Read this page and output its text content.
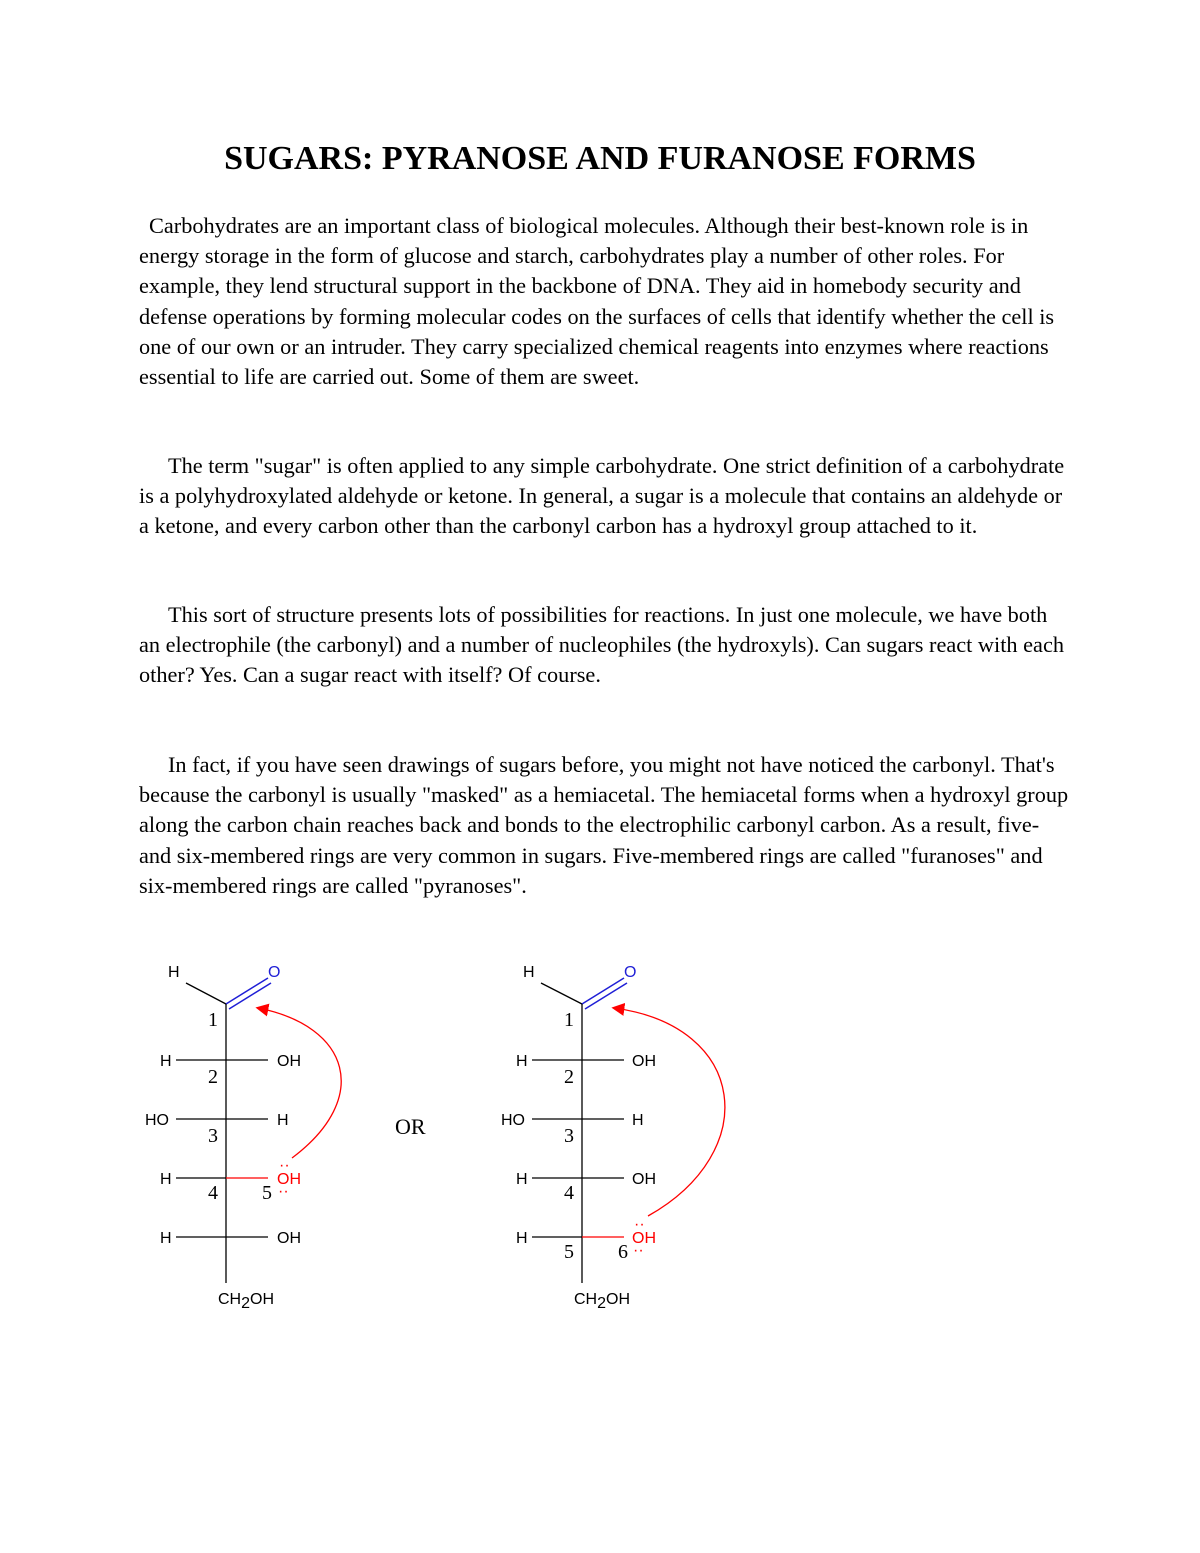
SUGARS: PYRANOSE AND FURANOSE FORMS

Carbohydrates are an important class of biological molecules. Although their best-known role is in energy storage in the form of glucose and starch, carbohydrates play a number of other roles. For example, they lend structural support in the backbone of DNA. They aid in homebody security and defense operations by forming molecular codes on the surfaces of cells that identify whether the cell is one of our own or an intruder. They carry specialized chemical reagents into enzymes where reactions essential to life are carried out. Some of them are sweet.

The term "sugar" is often applied to any simple carbohydrate. One strict definition of a carbohydrate is a polyhydroxylated aldehyde or ketone. In general, a sugar is a molecule that contains an aldehyde or a ketone, and every carbon other than the carbonyl carbon has a hydroxyl group attached to it.

This sort of structure presents lots of possibilities for reactions. In just one molecule, we have both an electrophile (the carbonyl) and a number of nucleophiles (the hydroxyls). Can sugars react with each other? Yes. Can a sugar react with itself? Of course.

In fact, if you have seen drawings of sugars before, you might not have noticed the carbonyl. That's because the carbonyl is usually "masked" as a hemiacetal. The hemiacetal forms when a hydroxyl group along the carbon chain reaches back and bonds to the electrophilic carbonyl carbon. As a result, five- and six-membered rings are very common in sugars. Five-membered rings are called "furanoses" and six-membered rings are called "pyranoses".

H	O
H	OH
HO	H
H	OH
··
··
H	OH
1
2
3
4 5
CH2OH
OR
H	O
H	OH
HO	H
H	OH
H	OH
··
··
1
2
3
4
5 6
CH2OH
